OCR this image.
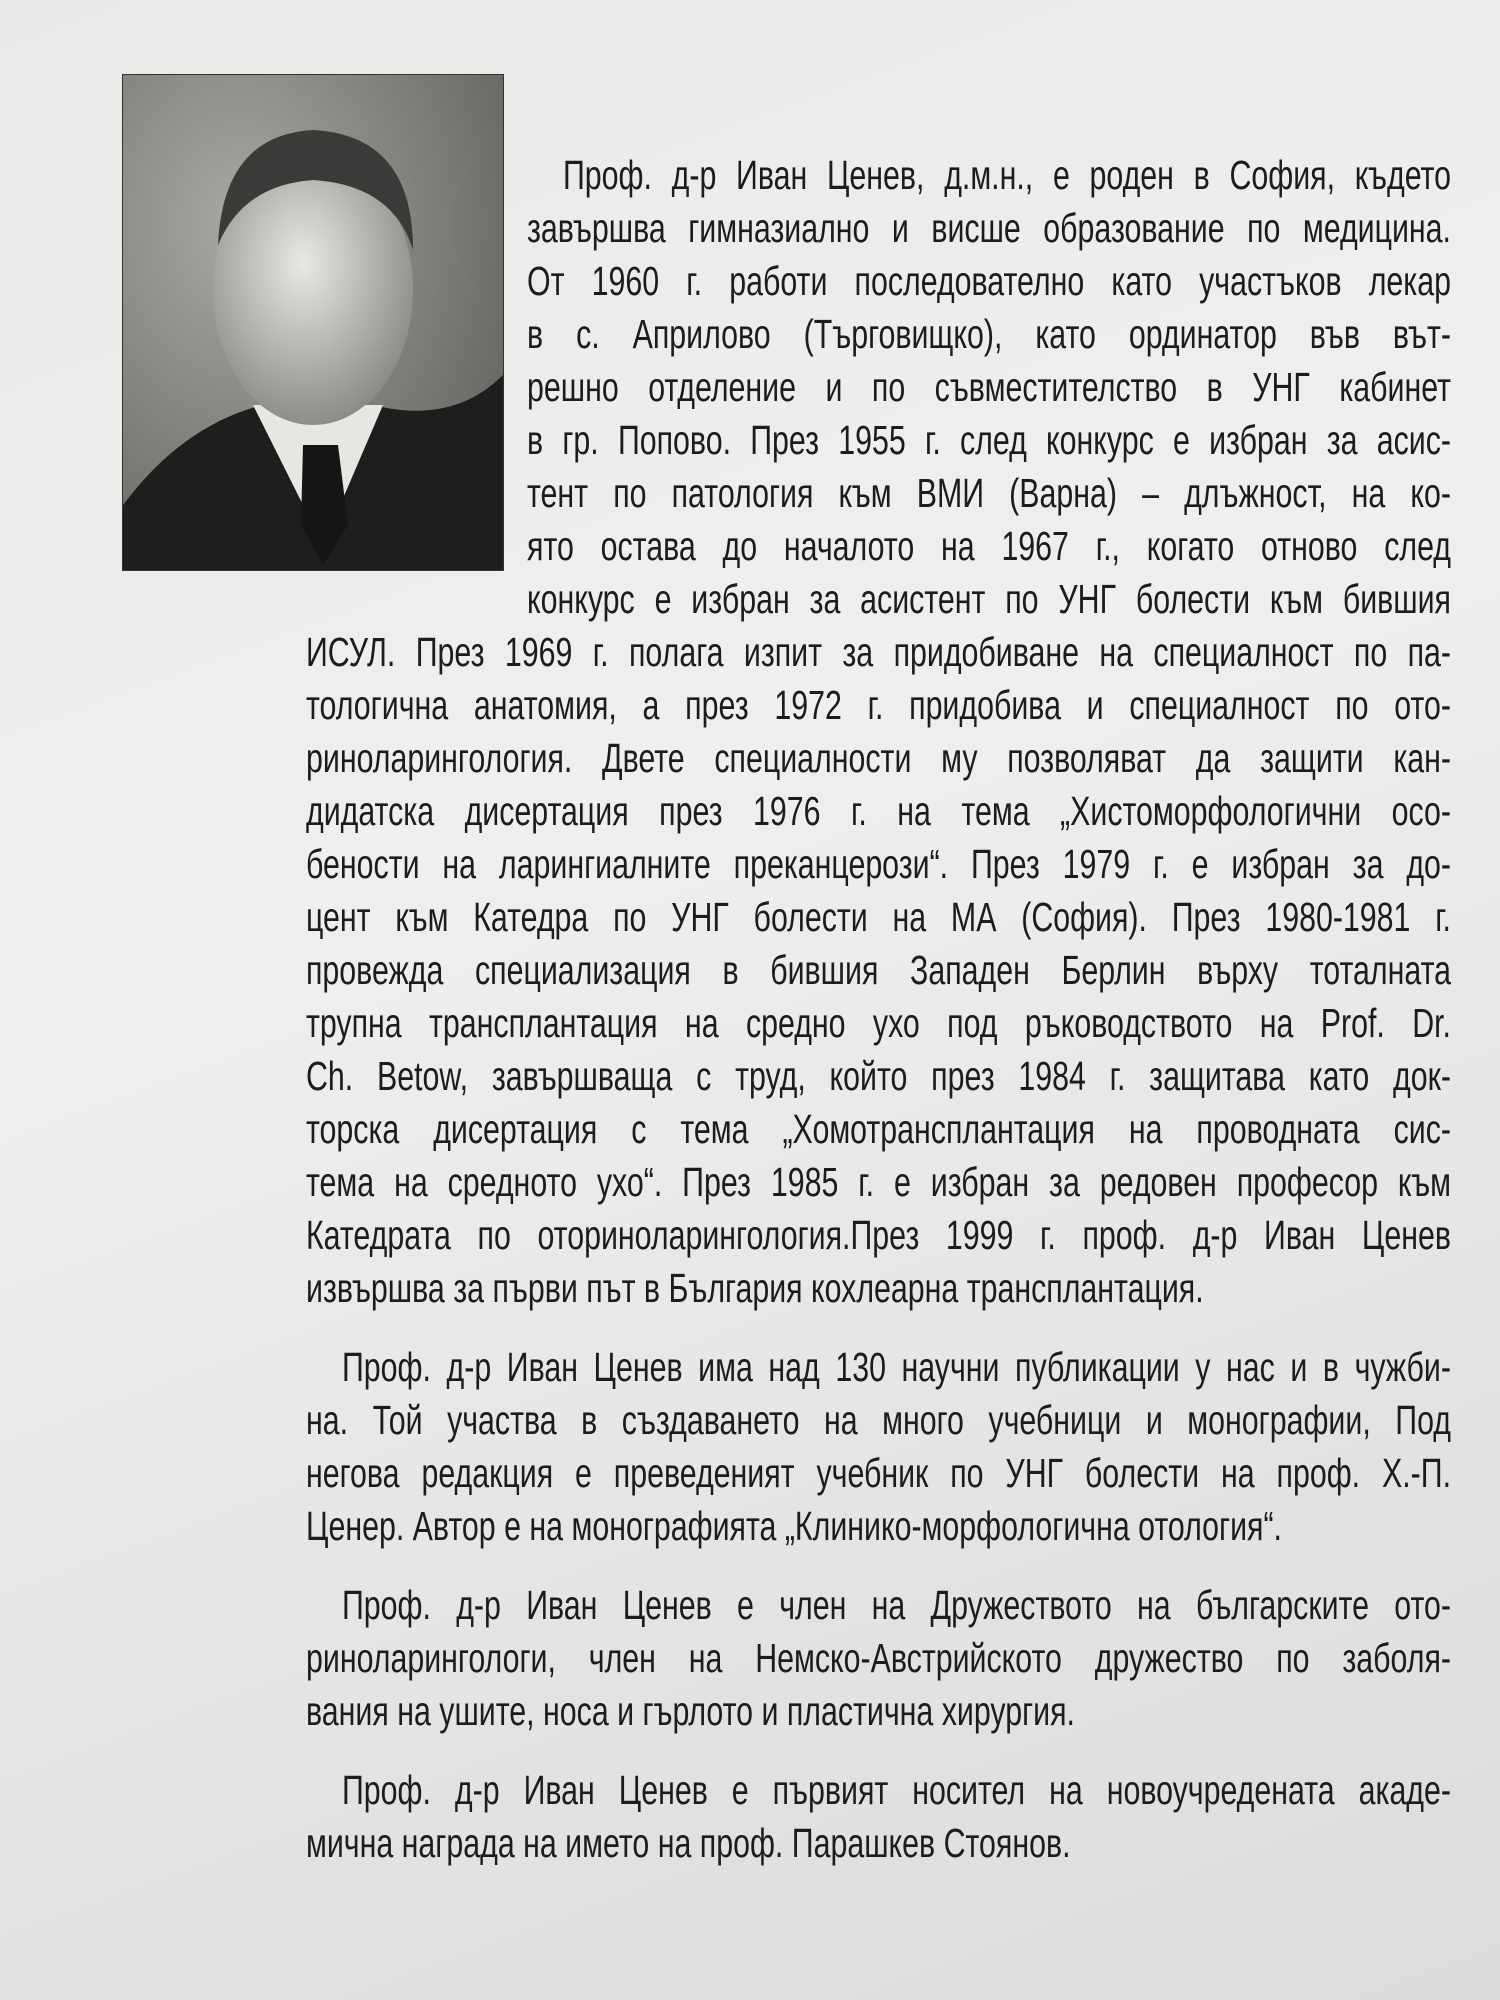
Проф. д-р Иван Ценев, д.м.н., е роден в София, където
завършва гимназиално и висше образование по медицина.
От 1960 г. работи последователно като участъков лекар
в с. Априлово (Търговищко), като ординатор във вът-
решно отделение и по съвместителство в УНГ кабинет
в гр. Попово. През 1955 г. след конкурс е избран за асис-
тент по патология към ВМИ (Варна) – длъжност, на ко-
ято остава до началото на 1967 г., когато отново след
конкурс е избран за асистент по УНГ болести към бившия
ИСУЛ. През 1969 г. полага изпит за придобиване на специалност по па-
тологична анатомия, а през 1972 г. придобива и специалност по ото-
риноларингология. Двете специалности му позволяват да защити кан-
дидатска дисертация през 1976 г. на тема „Хистоморфологични осо-
бености на ларингиалните преканцерози“. През 1979 г. е избран за до-
цент към Катедра по УНГ болести на МА (София). През 1980-1981 г.
провежда специализация в бившия Западен Берлин върху тоталната
трупна трансплантация на средно ухо под ръководството на Prof. Dr.
Ch. Betow, завършваща с труд, който през 1984 г. защитава като док-
торска дисертация с тема „Хомотрансплантация на проводната сис-
тема на средното ухо“. През 1985 г. е избран за редовен професор към
Катедрата по оториноларингология.През 1999 г. проф. д-р Иван Ценев
извършва за първи път в България кохлеарна трансплантация.
Проф. д-р Иван Ценев има над 130 научни публикации у нас и в чужби-
на. Той участва в създаването на много учебници и монографии, Под
негова редакция е преведеният учебник по УНГ болести на проф. Х.-П.
Ценер. Автор е на монографията „Клинико-морфологична отология“.
Проф. д-р Иван Ценев е член на Дружеството на българските ото-
риноларингологи, член на Немско-Австрийското дружество по заболя-
вания на ушите, носа и гърлото и пластична хирургия.
Проф. д-р Иван Ценев е първият носител на новоучредената акаде-
мична награда на името на проф. Парашкев Стоянов.
